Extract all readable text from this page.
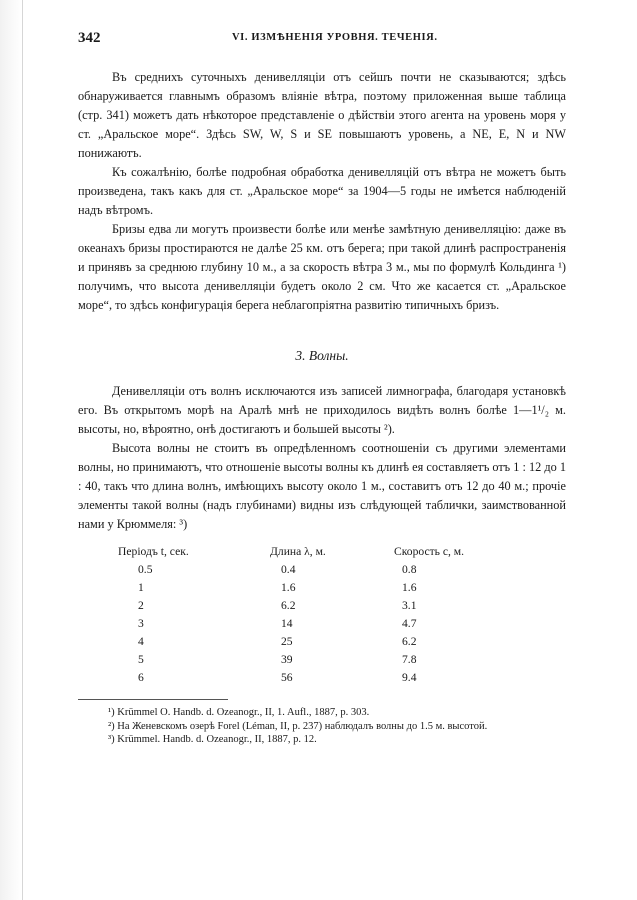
342	VI. ИЗМѢНЕНІЯ УРОВНЯ. ТЕЧЕНІЯ.

Въ среднихъ суточныхъ денивелляціи отъ сейшъ почти не сказываются; здѣсь обнаруживается главнымъ образомъ вліяніе вѣтра, поэтому приложенная выше таблица (стр. 341) можетъ дать нѣкоторое представленіе о дѣйствіи этого агента на уровень моря у ст. „Аральское море“. Здѣсь SW, W, S и SE повышаютъ уровень, а NE, E, N и NW понижаютъ.

Къ сожалѣнію, болѣе подробная обработка денивелляцій отъ вѣтра не можетъ быть произведена, такъ какъ для ст. „Аральское море“ за 1904—5 годы не имѣется наблюденій надъ вѣтромъ.

Бризы едва ли могутъ произвести болѣе или менѣе замѣтную денивелляцію: даже въ океанахъ бризы простираются не далѣе 25 км. отъ берега; при такой длинѣ распространенія и принявъ за среднюю глубину 10 м., а за скорость вѣтра 3 м., мы по формулѣ Кольдинга ¹) получимъ, что высота денивелляціи будетъ около 2 см. Что же касается ст. „Аральское море“, то здѣсь конфигурація берега неблагопріятна развитію типичныхъ бризъ.

3. Волны.

Денивелляціи отъ волнъ исключаются изъ записей лимнографа, благодаря установкѣ его. Въ открытомъ морѣ на Аралѣ мнѣ не приходилось видѣть волнъ болѣе 1—1¹/₂ м. высоты, но, вѣроятно, онѣ достигаютъ и большей высоты ²).

Высота волны не стоитъ въ опредѣленномъ соотношеніи съ другими элементами волны, но принимаютъ, что отношеніе высоты волны къ длинѣ ея составляетъ отъ 1 : 12 до 1 : 40, такъ что длина волнъ, имѣющихъ высоту около 1 м., составитъ отъ 12 до 40 м.; прочіе элементы такой волны (надъ глубинами) видны изъ слѣдующей таблички, заимствованной нами у Крюммеля: ³)

Періодъ t, сек.	Длина λ, м.	Скорость c, м.
0.5	0.4	0.8
1	1.6	1.6
2	6.2	3.1
3	14	4.7
4	25	6.2
5	39	7.8
6	56	9.4

¹) Krümmel O. Handb. d. Ozeanogr., II, 1. Aufl., 1887, p. 303.

²) На Женевскомъ озерѣ Forel (Léman, II, p. 237) наблюдалъ волны до 1.5 м. высотой.

³) Krümmel. Handb. d. Ozeanogr., II, 1887, p. 12.
